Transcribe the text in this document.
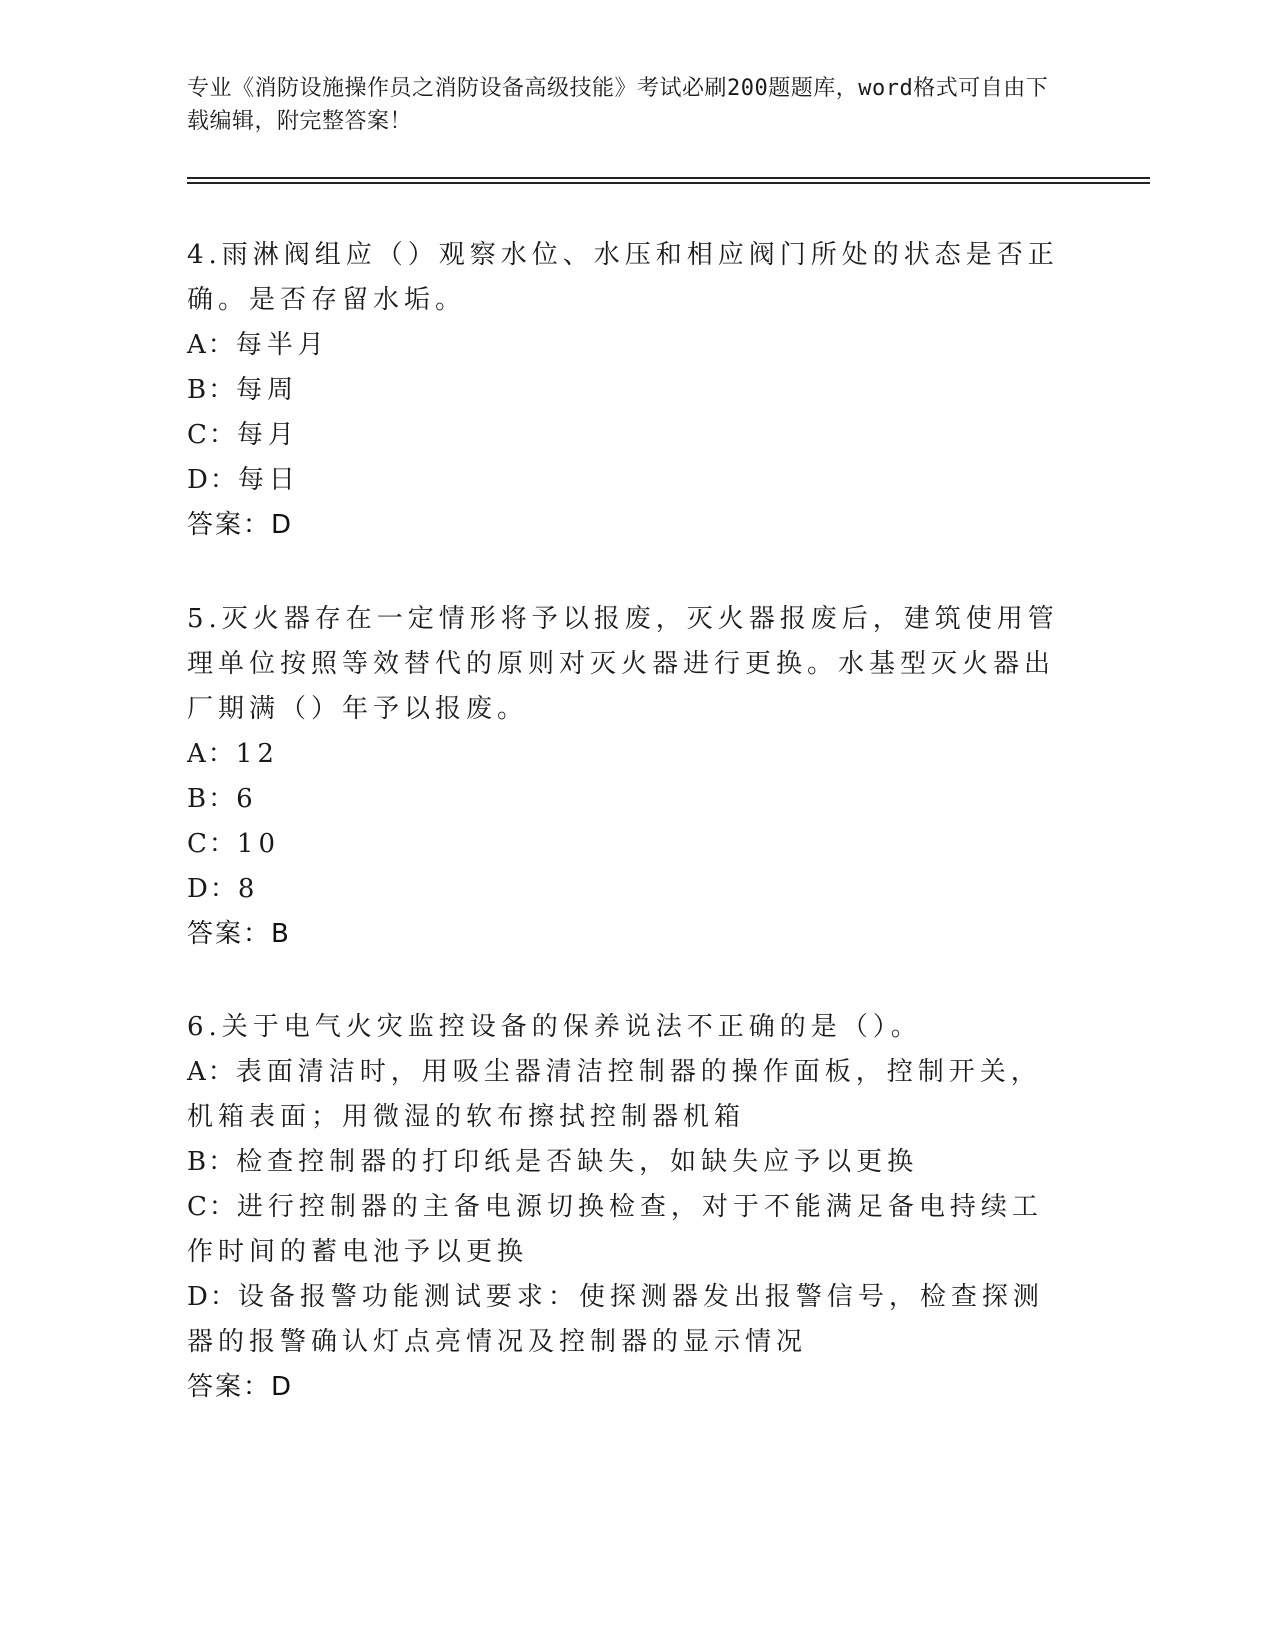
专业《消防设施操作员之消防设备高级技能》考试必刷200题题库，word格式可自由下载编辑，附完整答案！
4.雨淋阀组应（）观察水位、水压和相应阀门所处的状态是否正确。是否存留水垢。
A：每半月
B：每周
C：每月
D：每日
答案：D
5.灭火器存在一定情形将予以报废，灭火器报废后，建筑使用管理单位按照等效替代的原则对灭火器进行更换。水基型灭火器出厂期满（）年予以报废。
A：12
B：6
C：10
D：8
答案：B
6.关于电气火灾监控设备的保养说法不正确的是（）。
A：表面清洁时，用吸尘器清洁控制器的操作面板，控制开关，机箱表面；用微湿的软布擦拭控制器机箱
B：检查控制器的打印纸是否缺失，如缺失应予以更换
C：进行控制器的主备电源切换检查，对于不能满足备电持续工作时间的蓄电池予以更换
D：设备报警功能测试要求：使探测器发出报警信号，检查探测器的报警确认灯点亮情况及控制器的显示情况
答案：D
